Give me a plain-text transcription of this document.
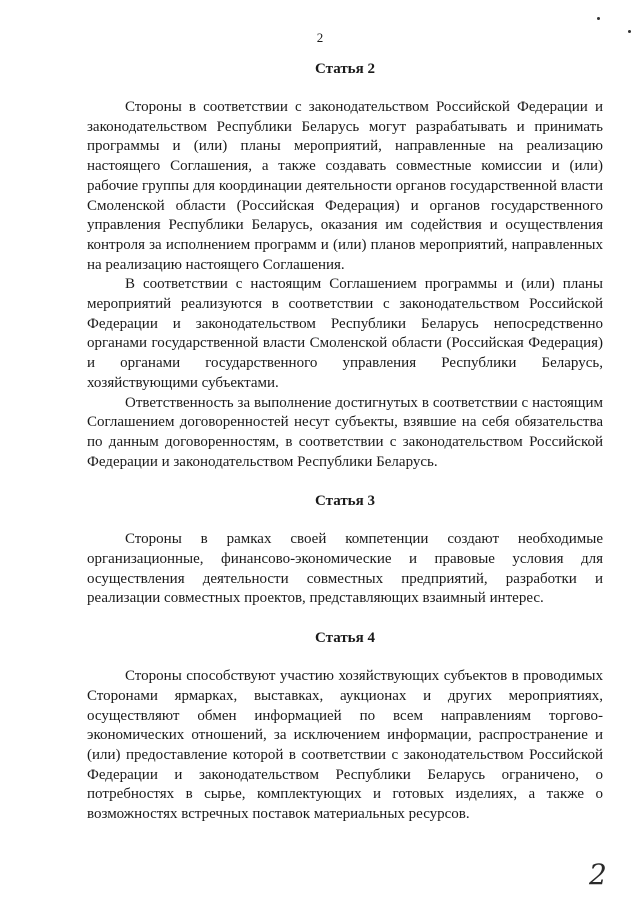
2
Статья 2

Стороны в соответствии с законодательством Российской Федерации и законодательством Республики Беларусь могут разрабатывать и принимать программы и (или) планы мероприятий, направленные на реализацию настоящего Соглашения, а также создавать совместные комиссии и (или) рабочие группы для координации деятельности органов государственной власти Смоленской области (Российская Федерация) и органов государственного управления Республики Беларусь, оказания им содействия и осуществления контроля за исполнением программ и (или) планов мероприятий, направленных на реализацию настоящего Соглашения.

В соответствии с настоящим Соглашением программы и (или) планы мероприятий реализуются в соответствии с законодательством Российской Федерации и законодательством Республики Беларусь непосредственно органами государственной власти Смоленской области (Российская Федерация) и органами государственного управления Республики Беларусь, хозяйствующими субъектами.

Ответственность за выполнение достигнутых в соответствии с настоящим Соглашением договоренностей несут субъекты, взявшие на себя обязательства по данным договоренностям, в соответствии с законодательством Российской Федерации и законодательством Республики Беларусь.

Статья 3

Стороны в рамках своей компетенции создают необходимые организационные, финансово-экономические и правовые условия для осуществления деятельности совместных предприятий, разработки и реализации совместных проектов, представляющих взаимный интерес.

Статья 4

Стороны способствуют участию хозяйствующих субъектов в проводимых Сторонами ярмарках, выставках, аукционах и других мероприятиях, осуществляют обмен информацией по всем направлениям торгово-экономических отношений, за исключением информации, распространение и (или) предоставление которой в соответствии с законодательством Российской Федерации и законодательством Республики Беларусь ограничено, о потребностях в сырье, комплектующих и готовых изделиях, а также о возможностях встречных поставок материальных ресурсов.

2
